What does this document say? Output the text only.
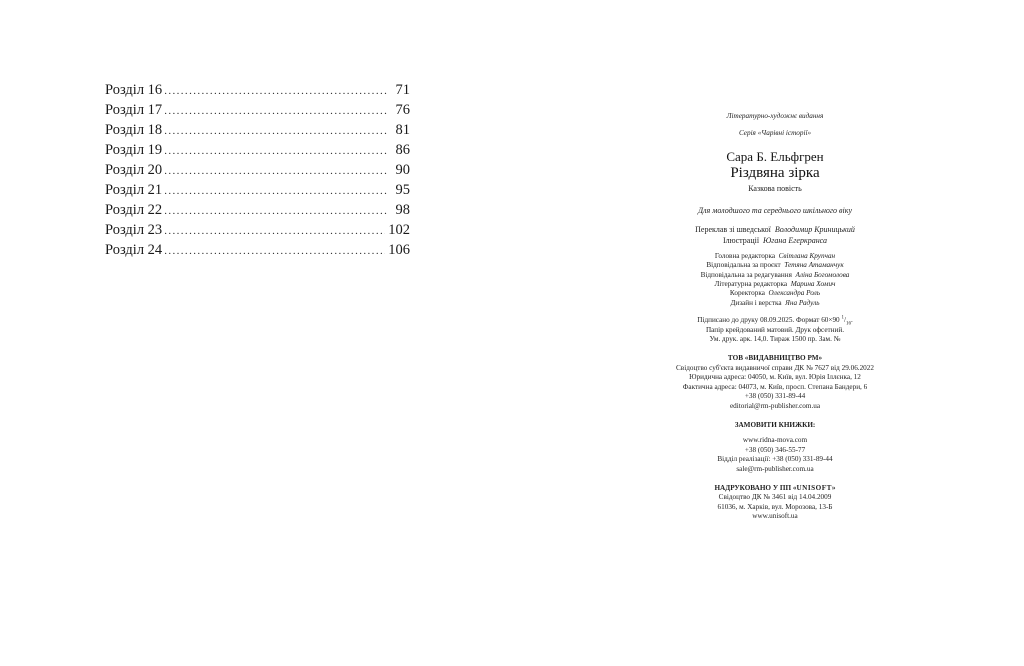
Розділ 16 .....	71
Розділ 17 .....	76
Розділ 18 .....	81
Розділ 19 .....	86
Розділ 20 .....	90
Розділ 21 .....	95
Розділ 22 .....	98
Розділ 23 .....	102
Розділ 24 .....	106
Літературно-художнє видання
Серія «Чарівні історії»
Сара Б. Ельфгрен
Різдвяна зірка
Казкова повість
Для молодшого та середнього шкільного віку
Переклав зі шведської Володимир Криницький
Ілюстрації Югана Егеркранса
Головна редакторка Світлана Крупчан
Відповідальна за проєкт Тетяна Атаманчук
Відповідальна за редагування Аліна Богомолова
Літературна редакторка Марина Хомич
Коректорка Олександра Роль
Дизайн і верстка Яна Радуль
Підписано до друку 08.09.2025. Формат 60×90 $^1/_{16}$.
Папір крейдований матовий. Друк офсетний.
Ум. друк. арк. 14,0. Тираж 1500 пр. Зам. №
ТОВ «ВИДАВНИЦТВО РМ»
Свідоцтво суб'єкта видавничої справи ДК № 7627 від 29.06.2022
Юридична адреса: 04050, м. Київ, вул. Юрія Іллєнка, 12
Фактична адреса: 04073, м. Київ, просп. Степана Бандери, 6
+38 (050) 331-89-44
editorial@rm-publisher.com.ua
ЗАМОВИТИ КНИЖКИ:
www.ridna-mova.com
+38 (050) 346-55-77
Відділ реалізації: +38 (050) 331-89-44
sale@rm-publisher.com.ua
НАДРУКОВАНО У ПП «UNISOFT»
Свідоцтво ДК № 3461 від 14.04.2009
61036, м. Харків, вул. Морозова, 13-Б
www.unisoft.ua
